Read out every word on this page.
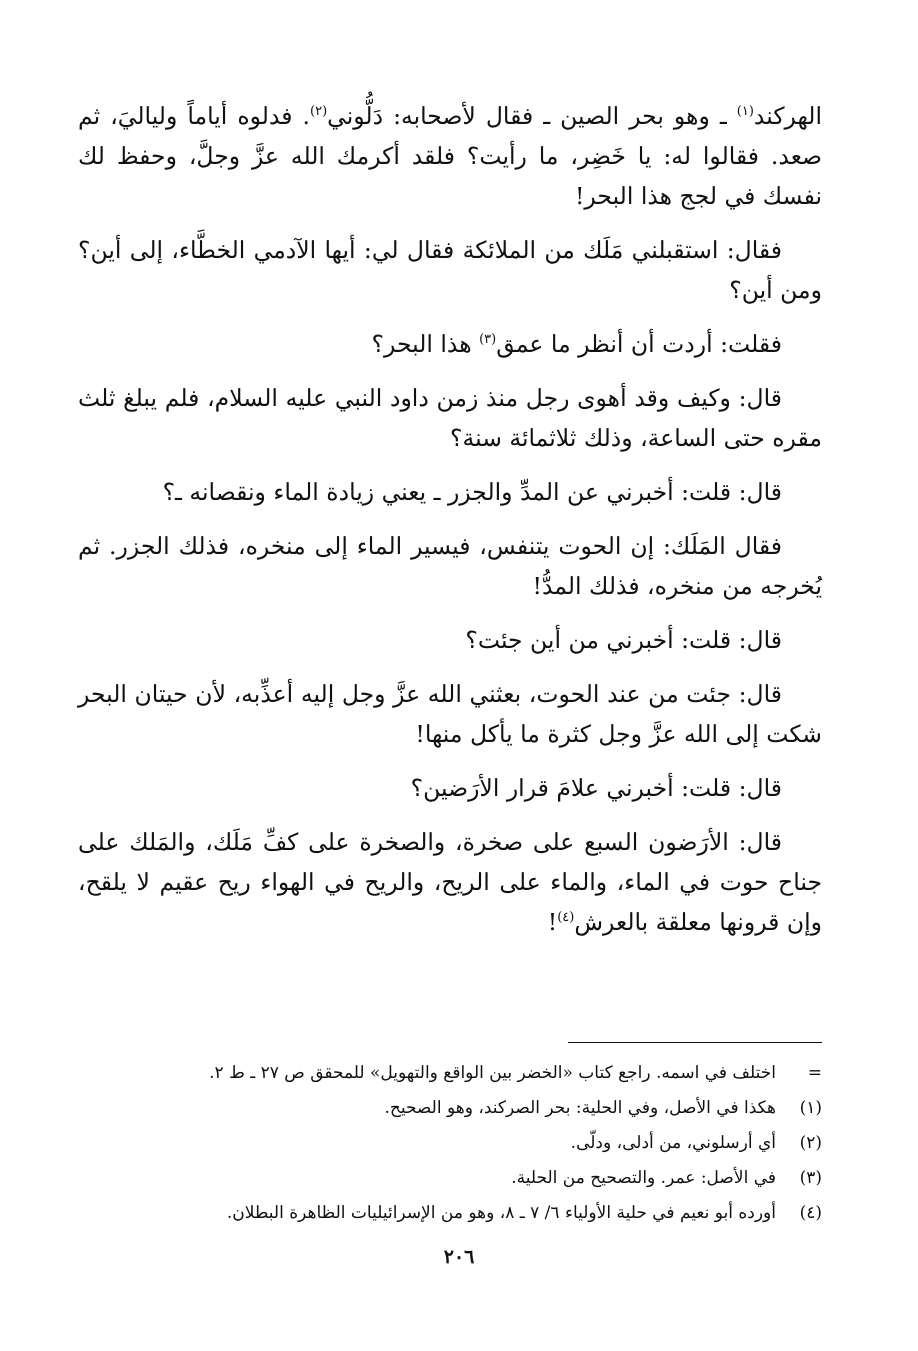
الهركند$^{(١)}$ ـ وهو بحر الصين ـ فقال لأصحابه: دَلُّوني$^{(٢)}$. فدلوه أياماً ولياليَ، ثم صعد. فقالوا له: يا خَضِر، ما رأيت؟ فلقد أكرمك الله عزَّ وجلَّ، وحفظ لك نفسك في لجج هذا البحر!

فقال: استقبلني مَلَك من الملائكة فقال لي: أيها الآدمي الخطَّاء، إلى أين؟ ومن أين؟

فقلت: أردت أن أنظر ما عمق$^{(٣)}$ هذا البحر؟

قال: وكيف وقد أهوى رجل منذ زمن داود النبي عليه السلام، فلم يبلغ ثلث مقره حتى الساعة، وذلك ثلاثمائة سنة؟

قال: قلت: أخبرني عن المدِّ والجزر ـ يعني زيادة الماء ونقصانه ـ؟

فقال المَلَك: إن الحوت يتنفس، فيسير الماء إلى منخره، فذلك الجزر. ثم يُخرجه من منخره، فذلك المدُّ!

قال: قلت: أخبرني من أين جئت؟

قال: جئت من عند الحوت، بعثني الله عزَّ وجل إليه أعذِّبه، لأن حيتان البحر شكت إلى الله عزَّ وجل كثرة ما يأكل منها!

قال: قلت: أخبرني علامَ قرار الأرَضين؟

قال: الأرَضون السبع على صخرة، والصخرة على كفِّ مَلَك، والمَلك على جناح حوت في الماء، والماء على الريح، والريح في الهواء ريح عقيم لا يلقح، وإن قرونها معلقة بالعرش$^{(٤)}$!

=
اختلف في اسمه. راجع كتاب «الخضر بين الواقع والتهويل» للمحقق ص ٢٧ ـ ط ٢.
(١)
هكذا في الأصل، وفي الحلية: بحر الصركند، وهو الصحيح.
(٢)
أي أرسلوني، من أدلى، ودلّى.
(٣)
في الأصل: عمر. والتصحيح من الحلية.
(٤)
أورده أبو نعيم في حلية الأولياء ٦/ ٧ ـ ٨، وهو من الإسرائيليات الظاهرة البطلان.
٢٠٦
